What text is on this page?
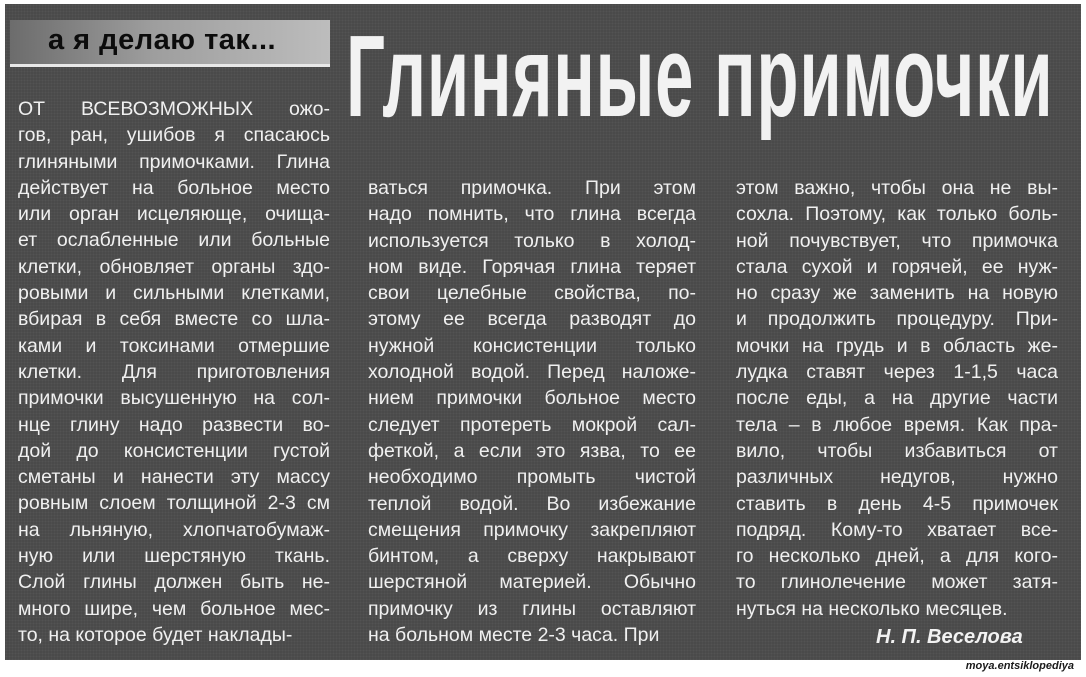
а я делаю так... Глиняные примочки
ОТ ВСЕВОЗМОЖНЫХ ожо-
гов, ран, ушибов я спасаюсь
глиняными примочками. Глина
действует на больное место
или орган исцеляюще, очища-
ет ослабленные или больные
клетки, обновляет органы здо-
ровыми и сильными клетками,
вбирая в себя вместе со шла-
ками и токсинами отмершие
клетки. Для приготовления
примочки высушенную на сол-
нце глину надо развести во-
дой до консистенции густой
сметаны и нанести эту массу
ровным слоем толщиной 2-3 см
на льняную, хлопчатобумаж-
ную или шерстяную ткань.
Слой глины должен быть не-
много шире, чем больное мес-
то, на которое будет наклады-
ваться примочка. При этом
надо помнить, что глина всегда
используется только в холод-
ном виде. Горячая глина теряет
свои целебные свойства, по-
этому ее всегда разводят до
нужной консистенции только
холодной водой. Перед наложе-
нием примочки больное место
следует протереть мокрой сал-
феткой, а если это язва, то ее
необходимо промыть чистой
теплой водой. Во избежание
смещения примочку закрепляют
бинтом, а сверху накрывают
шерстяной материей. Обычно
примочку из глины оставляют
на больном месте 2-3 часа. При
этом важно, чтобы она не вы-
сохла. Поэтому, как только боль-
ной почувствует, что примочка
стала сухой и горячей, ее нуж-
но сразу же заменить на новую
и продолжить процедуру. При-
мочки на грудь и в область же-
лудка ставят через 1-1,5 часа
после еды, а на другие части
тела – в любое время. Как пра-
вило, чтобы избавиться от
различных недугов, нужно
ставить в день 4-5 примочек
подряд. Кому-то хватает все-
го несколько дней, а для кого-
то глинолечение может затя-
нуться на несколько месяцев.
Н. П. Веселова
moya.entsiklopediya
